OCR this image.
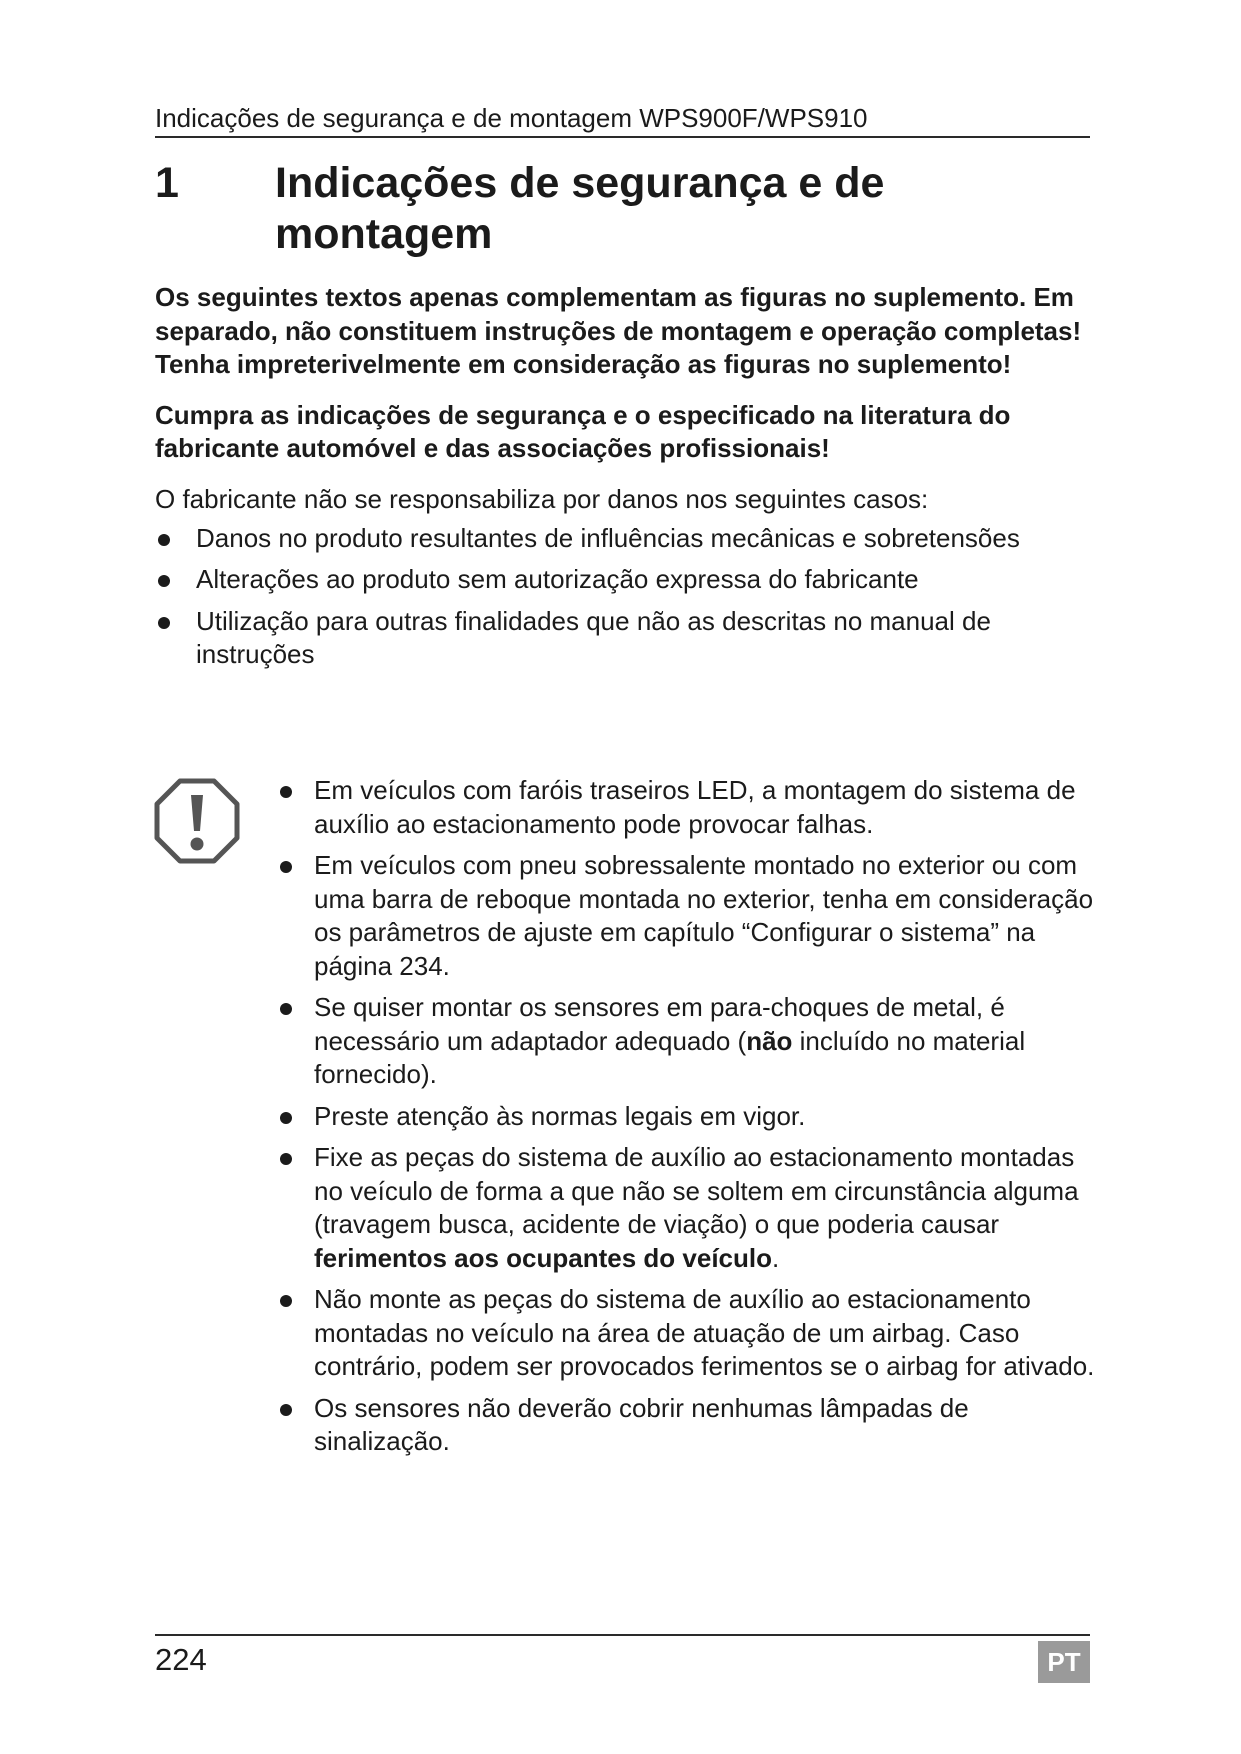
Indicações de segurança e de montagem WPS900F/WPS910
1 Indicações de segurança e de
montagem

Os seguintes textos apenas complementam as figuras no suplemento. Em separado, não constituem instruções de montagem e operação completas! Tenha impreterivelmente em consideração as figuras no suplemento!

Cumpra as indicações de segurança e o especificado na literatura do fabricante automóvel e das associações profissionais!

O fabricante não se responsabiliza por danos nos seguintes casos:

Danos no produto resultantes de influências mecânicas e sobretensões
Alterações ao produto sem autorização expressa do fabricante
Utilização para outras finalidades que não as descritas no manual de instruções
Em veículos com faróis traseiros LED, a montagem do sistema de auxílio ao estacionamento pode provocar falhas.
Em veículos com pneu sobressalente montado no exterior ou com uma barra de reboque montada no exterior, tenha em consideração os parâmetros de ajuste em capítulo “Configurar o sistema” na página 234.
Se quiser montar os sensores em para-choques de metal, é necessário um adaptador adequado (não incluído no material fornecido).
Preste atenção às normas legais em vigor.
Fixe as peças do sistema de auxílio ao estacionamento montadas no veículo de forma a que não se soltem em circunstância alguma (travagem busca, acidente de viação) o que poderia causar ferimentos aos ocupantes do veículo.
Não monte as peças do sistema de auxílio ao estacionamento montadas no veículo na área de atuação de um airbag. Caso contrário, podem ser provocados ferimentos se o airbag for ativado.
Os sensores não deverão cobrir nenhumas lâmpadas de sinalização.
224	PT
